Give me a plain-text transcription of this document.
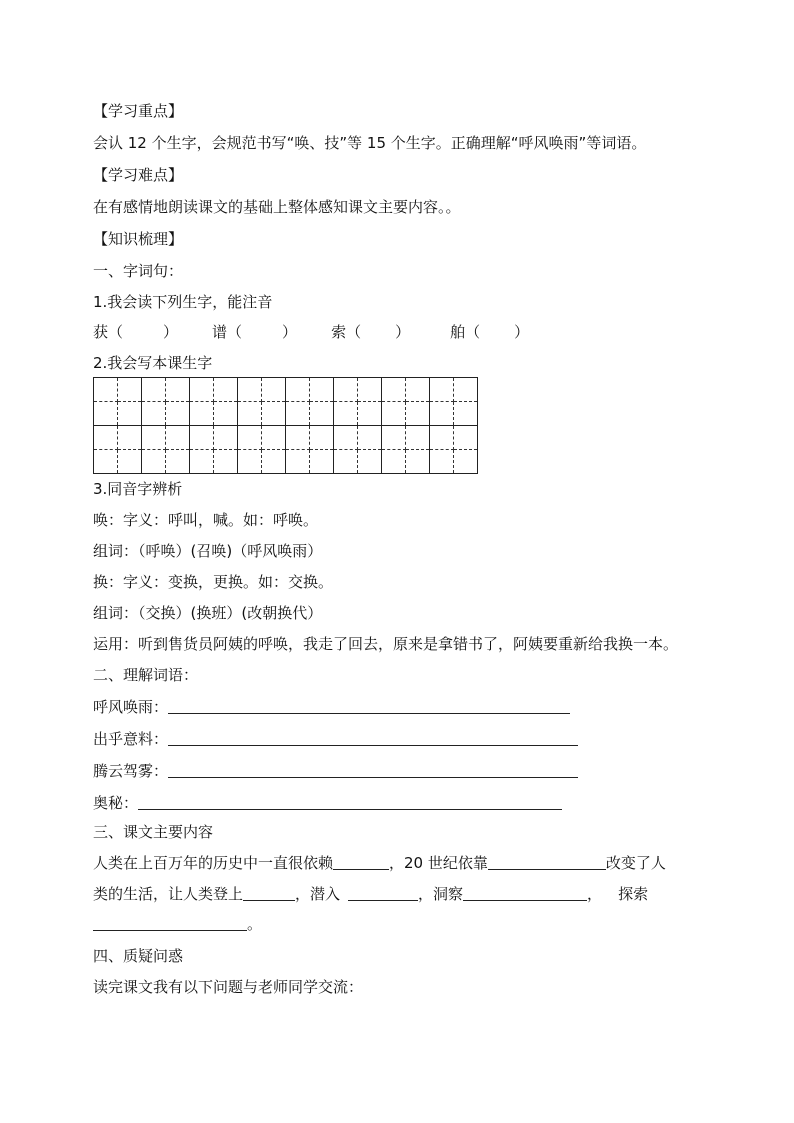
【学习重点】
会认 12 个生字，会规范书写“唤、技”等 15 个生字。正确理解“呼风唤雨”等词语。
【学习难点】
在有感情地朗读课文的基础上整体感知课文主要内容。。
【知识梳理】
一、字词句：
1.我会读下列生字，能注音
获（	） 谱（	） 索（ ）	舶（ ）
2.我会写本课生字

3.同音字辨析
唤：字义：呼叫，喊。如：呼唤。
组词：（呼唤）(召唤)（呼风唤雨）
换：字义：变换，更换。如：交换。
组词：（交换）(换班）(改朝换代）
运用：听到售货员阿姨的呼唤，我走了回去，原来是拿错书了，阿姨要重新给我换一本。
二、理解词语：
呼风唤雨：
出乎意料：
腾云驾雾：
奥秘：
三、课文主要内容
人类在上百万年的历史中一直很依赖	，20 世纪依靠	改变了人
类的生活，让人类登上	，潜入	，洞察	， 探索
。
四、质疑问惑
读完课文我有以下问题与老师同学交流：
